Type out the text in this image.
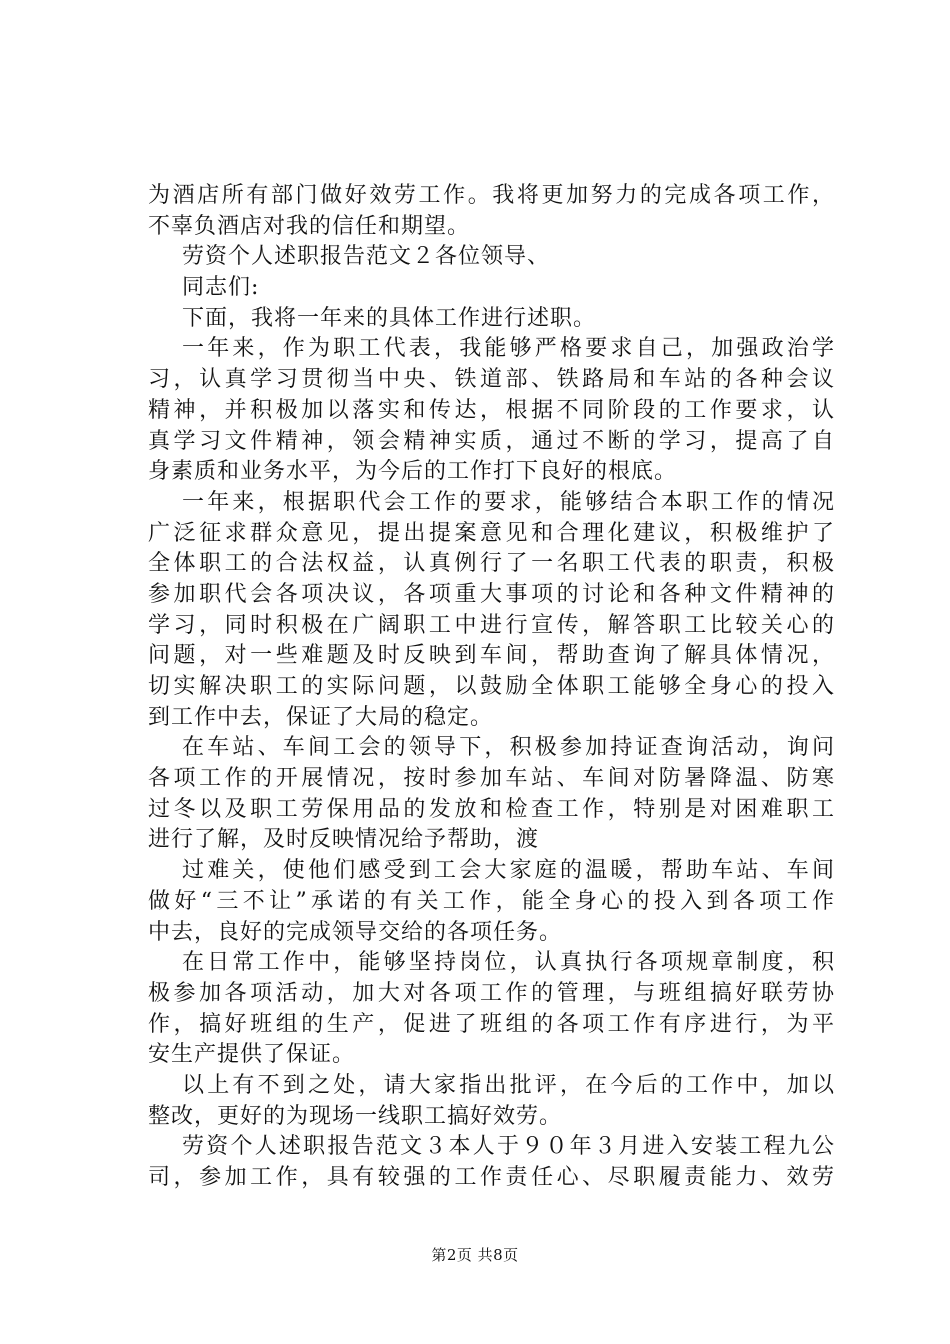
为酒店所有部门做好效劳工作。我将更加努力的完成各项工作，
不辜负酒店对我的信任和期望。
劳资个人述职报告范文２各位领导、
同志们:
下面，我将一年来的具体工作进行述职。
一年来，作为职工代表，我能够严格要求自己，加强政治学
习，认真学习贯彻当中央、铁道部、铁路局和车站的各种会议
精神，并积极加以落实和传达，根据不同阶段的工作要求，认
真学习文件精神，领会精神实质，通过不断的学习，提高了自
身素质和业务水平，为今后的工作打下良好的根底。
一年来，根据职代会工作的要求，能够结合本职工作的情况
广泛征求群众意见，提出提案意见和合理化建议，积极维护了
全体职工的合法权益，认真例行了一名职工代表的职责，积极
参加职代会各项决议，各项重大事项的讨论和各种文件精神的
学习，同时积极在广阔职工中进行宣传，解答职工比较关心的
问题，对一些难题及时反映到车间，帮助查询了解具体情况，
切实解决职工的实际问题，以鼓励全体职工能够全身心的投入
到工作中去，保证了大局的稳定。
在车站、车间工会的领导下，积极参加持证查询活动，询问
各项工作的开展情况，按时参加车站、车间对防暑降温、防寒
过冬以及职工劳保用品的发放和检查工作，特别是对困难职工
进行了解，及时反映情况给予帮助，渡
过难关，使他们感受到工会大家庭的温暖，帮助车站、车间
做好“三不让”承诺的有关工作，能全身心的投入到各项工作
中去，良好的完成领导交给的各项任务。
在日常工作中，能够坚持岗位，认真执行各项规章制度，积
极参加各项活动，加大对各项工作的管理，与班组搞好联劳协
作，搞好班组的生产，促进了班组的各项工作有序进行，为平
安生产提供了保证。
以上有不到之处，请大家指出批评，在今后的工作中，加以
整改，更好的为现场一线职工搞好效劳。
劳资个人述职报告范文３本人于９０年３月进入安装工程九公
司，参加工作，具有较强的工作责任心、尽职履责能力、效劳
第2页 共8页
